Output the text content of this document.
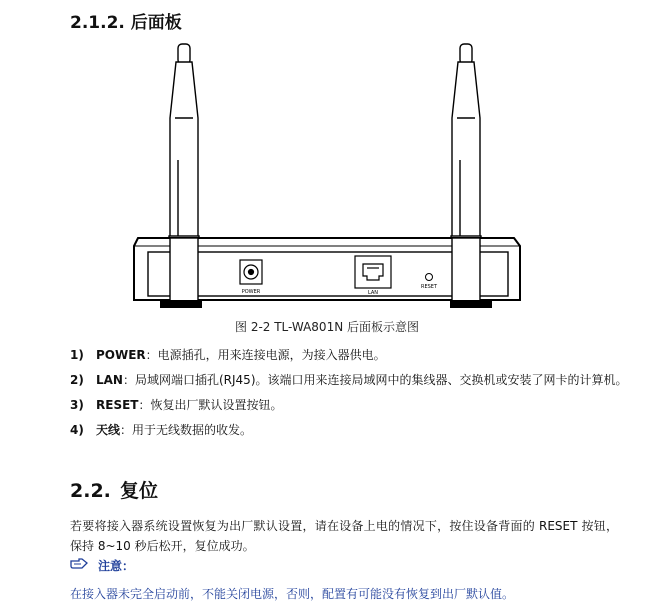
2.1.2. 后面板
POWER	LAN
RESET
图 2-2 TL-WA801N 后面板示意图
1) POWER：电源插孔，用来连接电源，为接入器供电。
2) LAN：局域网端口插孔(RJ45)。该端口用来连接局域网中的集线器、交换机或安装了网卡的计算机。
3) RESET：恢复出厂默认设置按钮。
4) 天线：用于无线数据的收发。
2.2. 复位
若要将接入器系统设置恢复为出厂默认设置，请在设备上电的情况下，按住设备背面的 RESET 按钮，保持 8~10 秒后松开，复位成功。
注意：
在接入器未完全启动前，不能关闭电源，否则，配置有可能没有恢复到出厂默认值。
